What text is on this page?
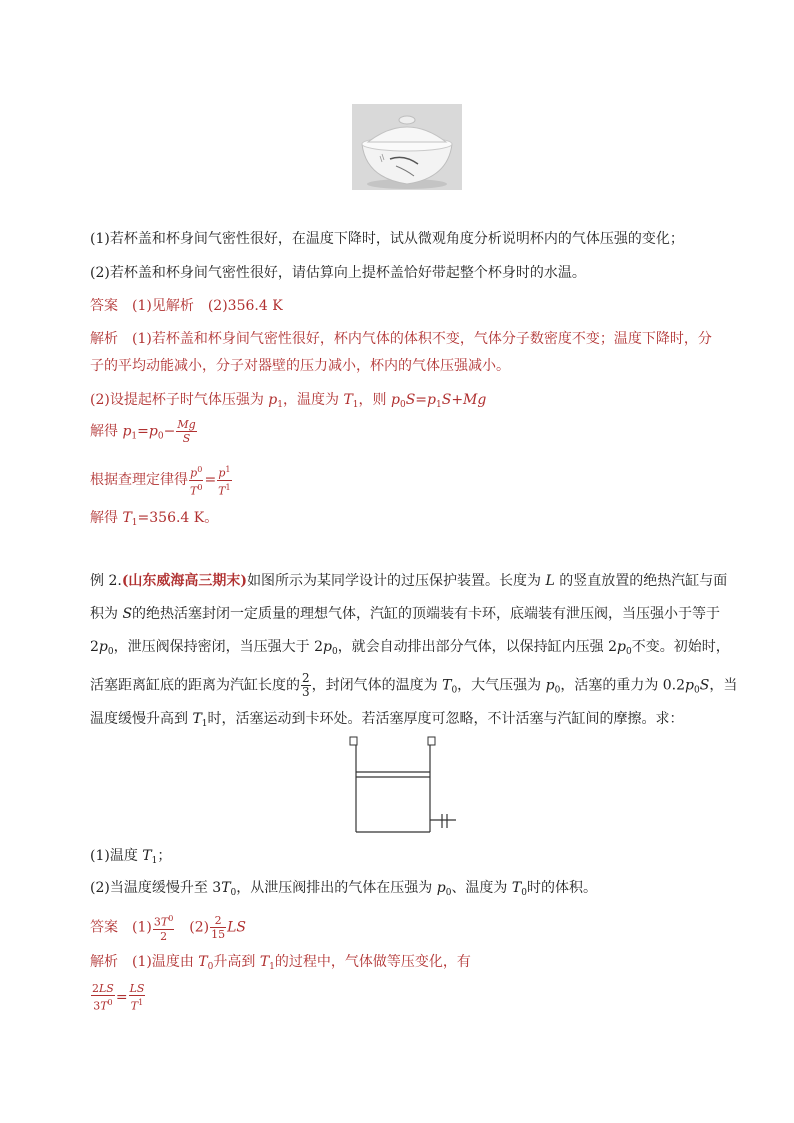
(1)若杯盖和杯身间气密性很好，在温度下降时，试从微观角度分析说明杯内的气体压强的变化；
(2)若杯盖和杯身间气密性很好，请估算向上提杯盖恰好带起整个杯身时的水温。
答案 (1)见解析 (2)356.4 K
解析 (1)若杯盖和杯身间气密性很好，杯内气体的体积不变，气体分子数密度不变；温度下降时，分
子的平均动能减小，分子对器壁的压力减小，杯内的气体压强减小。
(2)设提起杯子时气体压强为 $p_1$，温度为 $T_1$，则 $p_0S=p_1S+Mg$
解得 $p_1=p_0- \frac{Mg}{S}$
根据查理定律得 $\frac{p^0}{T^0} = \frac{p^1}{T^1}$
解得 $T_1=356.4$ K。
例 2.(山东威海高三期末)如图所示为某同学设计的过压保护装置。长度为 L 的竖直放置的绝热汽缸与面
积为 S的绝热活塞封闭一定质量的理想气体，汽缸的顶端装有卡环，底端装有泄压阀，当压强小于等于
$2p_0$，泄压阀保持密闭，当压强大于 $2p_0$，就会自动排出部分气体，以保持缸内压强 $2p_0$不变。初始时，
活塞距离缸底的距离为汽缸长度的 $\frac{2}{3}$ ，封闭气体的温度为 $T_0$，大气压强为 $p_0$，活塞的重力为 $0.2p_0S$，当
温度缓慢升高到 $T_1$时，活塞运动到卡环处。若活塞厚度可忽略，不计活塞与汽缸间的摩擦。求：
(1)温度 $T_1$；
(2)当温度缓慢升至 $3T_0$，从泄压阀排出的气体在压强为 $p_0$、温度为 $T_0$时的体积。
答案 $(1) \frac{3T^0}{2} (2) \frac{2}{15}$ LS
解析 (1)温度由 $T_0$升高到 $T_1$的过程中，气体做等压变化，有
$\frac{2LS}{3T^0} = \frac{LS}{T^1}$
